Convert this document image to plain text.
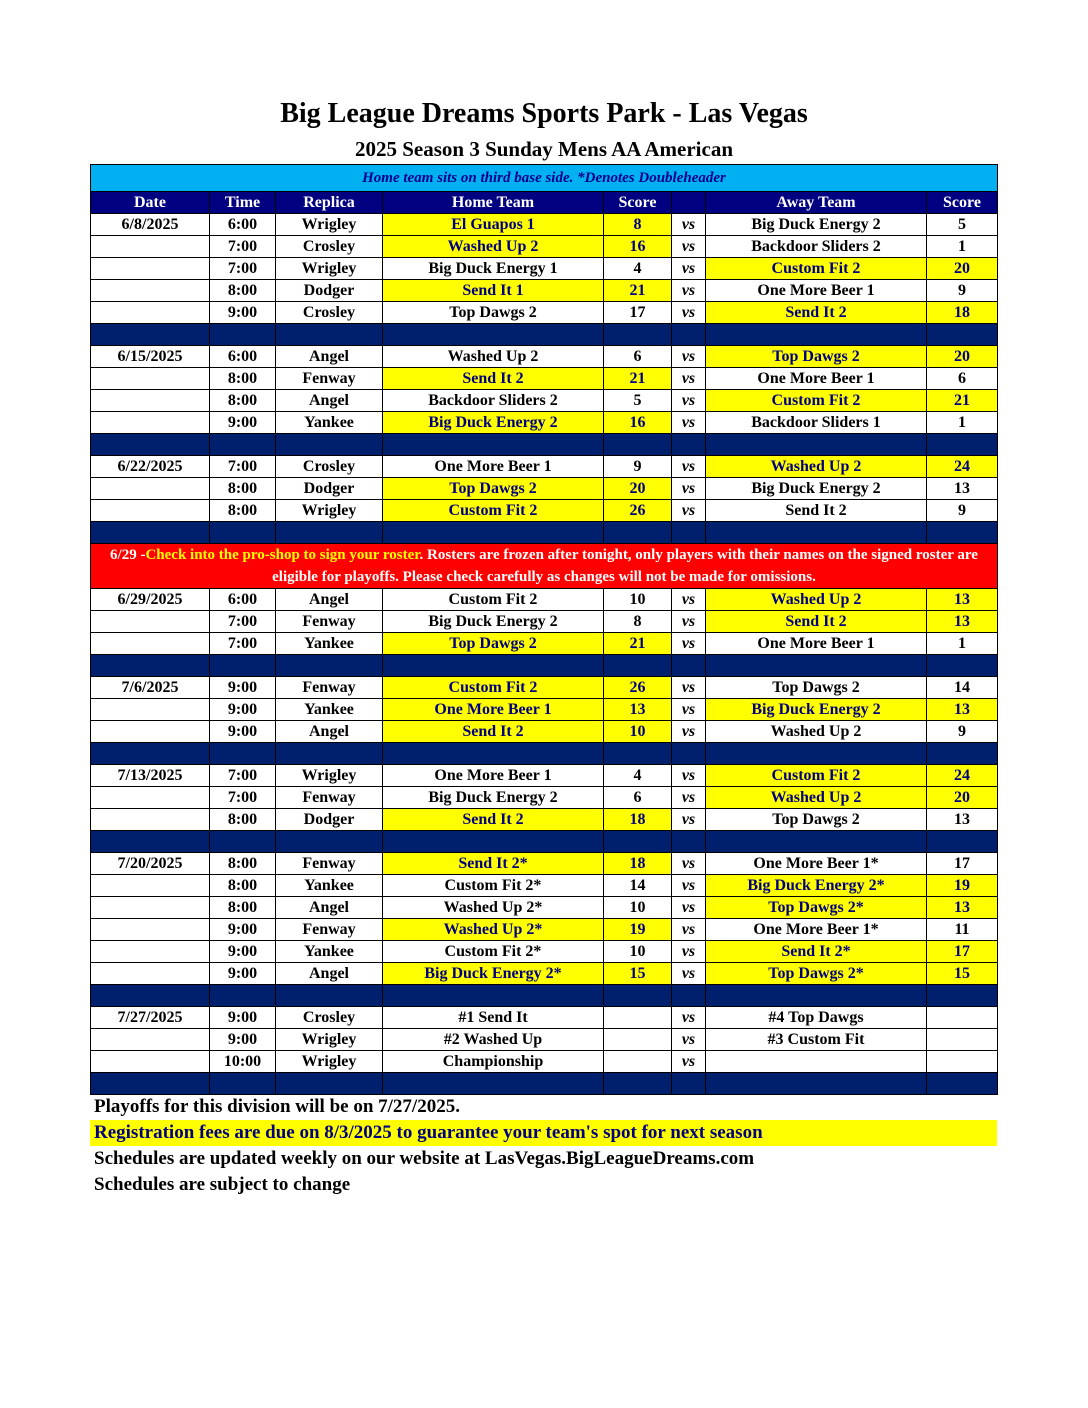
Big League Dreams Sports Park - Las Vegas
2025 Season 3 Sunday Mens AA American
Home team sits on third base side. *Denotes Doubleheader							
Date	Time	Replica	Home Team	Score		Away Team	Score
6/8/2025	6:00	Wrigley	El Guapos 1	8	vs	Big Duck Energy 2	5
	7:00	Crosley	Washed Up 2	16	vs	Backdoor Sliders 2	1
	7:00	Wrigley	Big Duck Energy 1	4	vs	Custom Fit 2	20
	8:00	Dodger	Send It 1	21	vs	One More Beer 1	9
	9:00	Crosley	Top Dawgs 2	17	vs	Send It 2	18

6/15/2025	6:00	Angel	Washed Up 2	6	vs	Top Dawgs 2	20
	8:00	Fenway	Send It 2	21	vs	One More Beer 1	6
	8:00	Angel	Backdoor Sliders 2	5	vs	Custom Fit 2	21
	9:00	Yankee	Big Duck Energy 2	16	vs	Backdoor Sliders 1	1

6/22/2025	7:00	Crosley	One More Beer 1	9	vs	Washed Up 2	24
	8:00	Dodger	Top Dawgs 2	20	vs	Big Duck Energy 2	13
	8:00	Wrigley	Custom Fit 2	26	vs	Send It 2	9

6/29 -Check into the pro-shop to sign your roster. Rosters are frozen after tonight, only players with their names on the signed roster are eligible for playoffs. Please check carefully as changes will not be made for omissions.							
6/29/2025	6:00	Angel	Custom Fit 2	10	vs	Washed Up 2	13
	7:00	Fenway	Big Duck Energy 2	8	vs	Send It 2	13
	7:00	Yankee	Top Dawgs 2	21	vs	One More Beer 1	1

7/6/2025	9:00	Fenway	Custom Fit 2	26	vs	Top Dawgs 2	14
	9:00	Yankee	One More Beer 1	13	vs	Big Duck Energy 2	13
	9:00	Angel	Send It 2	10	vs	Washed Up 2	9

7/13/2025	7:00	Wrigley	One More Beer 1	4	vs	Custom Fit 2	24
	7:00	Fenway	Big Duck Energy 2	6	vs	Washed Up 2	20
	8:00	Dodger	Send It 2	18	vs	Top Dawgs 2	13

7/20/2025	8:00	Fenway	Send It 2*	18	vs	One More Beer 1*	17
	8:00	Yankee	Custom Fit 2*	14	vs	Big Duck Energy 2*	19
	8:00	Angel	Washed Up 2*	10	vs	Top Dawgs 2*	13
	9:00	Fenway	Washed Up 2*	19	vs	One More Beer 1*	11
	9:00	Yankee	Custom Fit 2*	10	vs	Send It 2*	17
	9:00	Angel	Big Duck Energy 2*	15	vs	Top Dawgs 2*	15

7/27/2025	9:00	Crosley	#1 Send It		vs	#4 Top Dawgs	
	9:00	Wrigley	#2 Washed Up		vs	#3 Custom Fit	
	10:00	Wrigley	Championship		vs		

Playoffs for this division will be on 7/27/2025.
Registration fees are due on 8/3/2025 to guarantee your team's spot for next season
Schedules are updated weekly on our website at LasVegas.BigLeagueDreams.com
Schedules are subject to change
